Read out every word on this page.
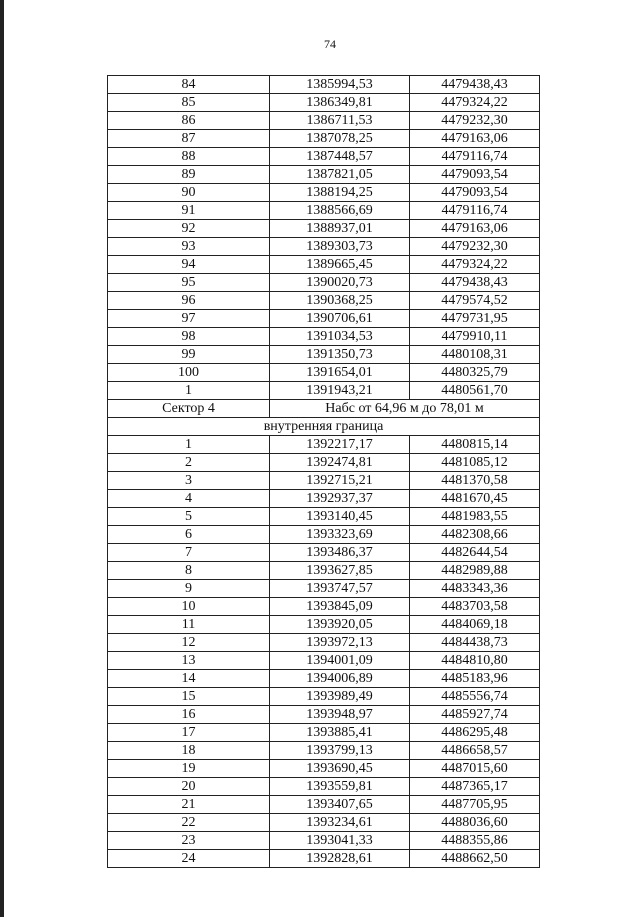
74
84	1385994,53	4479438,43
85	1386349,81	4479324,22
86	1386711,53	4479232,30
87	1387078,25	4479163,06
88	1387448,57	4479116,74
89	1387821,05	4479093,54
90	1388194,25	4479093,54
91	1388566,69	4479116,74
92	1388937,01	4479163,06
93	1389303,73	4479232,30
94	1389665,45	4479324,22
95	1390020,73	4479438,43
96	1390368,25	4479574,52
97	1390706,61	4479731,95
98	1391034,53	4479910,11
99	1391350,73	4480108,31
100	1391654,01	4480325,79
1	1391943,21	4480561,70
Сектор 4	Набс от 64,96 м до 78,01 м	
внутренняя граница		
1	1392217,17	4480815,14
2	1392474,81	4481085,12
3	1392715,21	4481370,58
4	1392937,37	4481670,45
5	1393140,45	4481983,55
6	1393323,69	4482308,66
7	1393486,37	4482644,54
8	1393627,85	4482989,88
9	1393747,57	4483343,36
10	1393845,09	4483703,58
11	1393920,05	4484069,18
12	1393972,13	4484438,73
13	1394001,09	4484810,80
14	1394006,89	4485183,96
15	1393989,49	4485556,74
16	1393948,97	4485927,74
17	1393885,41	4486295,48
18	1393799,13	4486658,57
19	1393690,45	4487015,60
20	1393559,81	4487365,17
21	1393407,65	4487705,95
22	1393234,61	4488036,60
23	1393041,33	4488355,86
24	1392828,61	4488662,50
